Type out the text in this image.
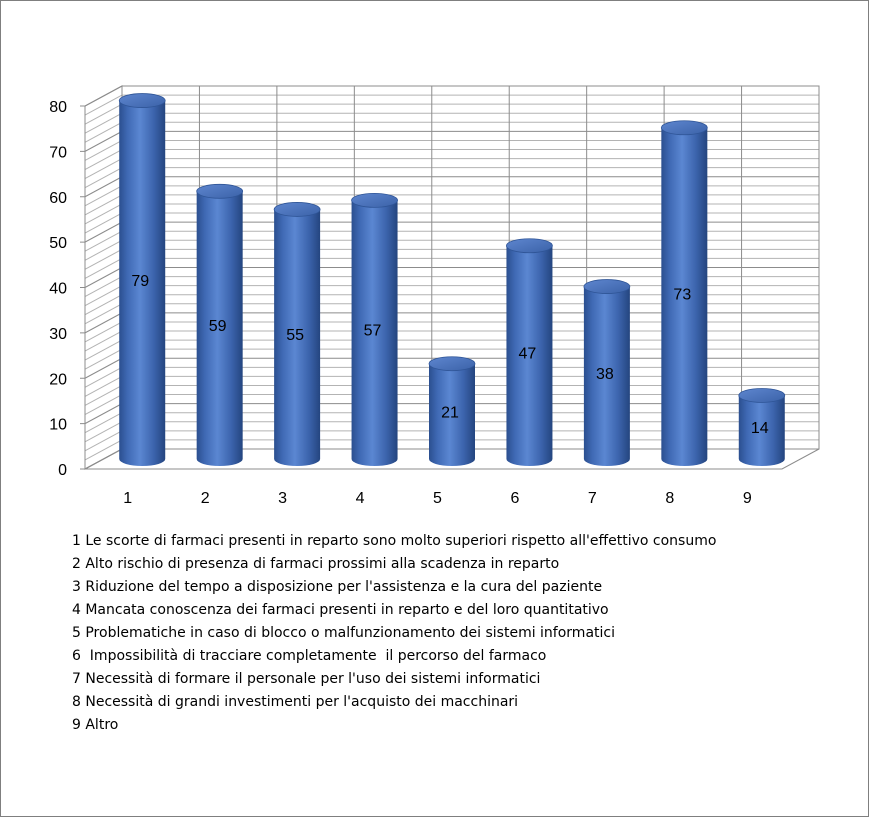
0
10
20
30
40
50
60
70
80
79
1
59
2
55
3
57
4
21
5
47
6
38
7
73
8
14
9
1 Le scorte di farmaci presenti in reparto sono molto superiori rispetto all'effettivo consumo
2 Alto rischio di presenza di farmaci prossimi alla scadenza in reparto
3 Riduzione del tempo a disposizione per l'assistenza e la cura del paziente
4 Mancata conoscenza dei farmaci presenti in reparto e del loro quantitativo
5 Problematiche in caso di blocco o malfunzionamento dei sistemi informatici
6  Impossibilità di tracciare completamente  il percorso del farmaco
7 Necessità di formare il personale per l'uso dei sistemi informatici
8 Necessità di grandi investimenti per l'acquisto dei macchinari
9 Altro
